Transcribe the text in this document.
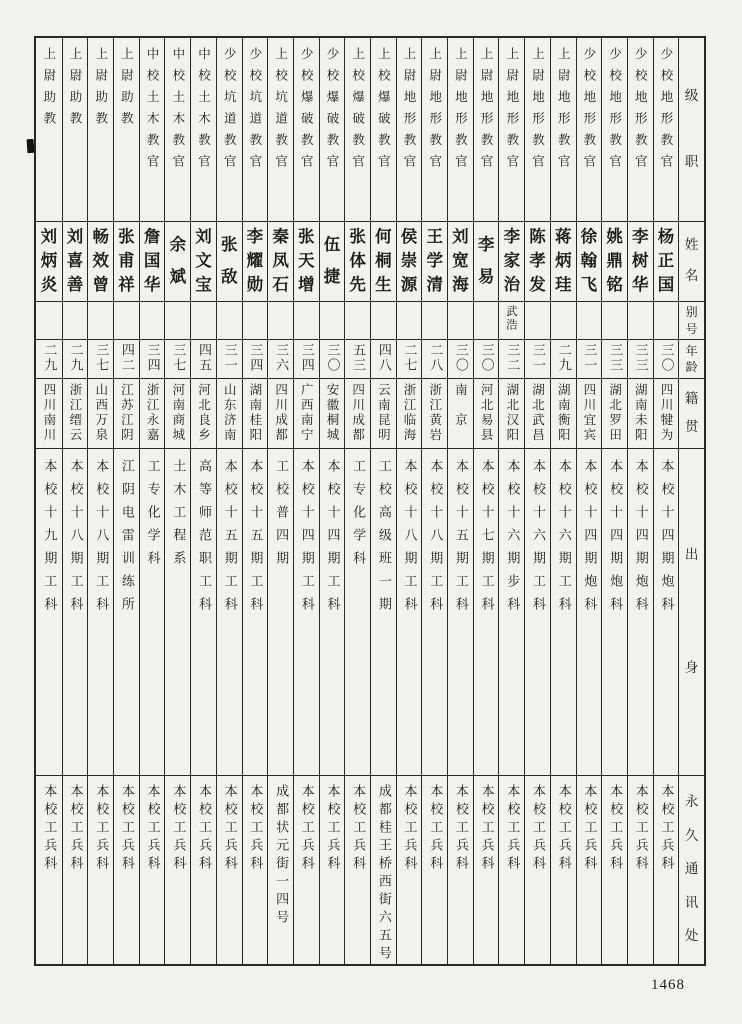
级
职
姓
名
别
号
年
龄
籍
贯
出
身
永
久
通
讯
处
少校地形教官
杨
正
国
三〇
四川犍为
本校十四期炮科
本校工兵科
少校地形教官
李
树
华
三三
湖南未阳
本校十四期炮科
本校工兵科
少校地形教官
姚
鼎
铭
三三
湖北罗田
本校十四期炮科
本校工兵科
少校地形教官
徐
翰
飞
三一
四川宜宾
本校十四期炮科
本校工兵科
上尉地形教官
蒋
炳
珪
二九
湖南衡阳
本校十六期工科
本校工兵科
上尉地形教官
陈
孝
发
三一
湖北武昌
本校十六期工科
本校工兵科
上尉地形教官
李
家
治
武浩
三二
湖北汉阳
本校十六期步科
本校工兵科
上尉地形教官
李
易
三〇
河北易县
本校十七期工科
本校工兵科
上尉地形教官
刘
宽
海
三〇
南　京
本校十五期工科
本校工兵科
上尉地形教官
王
学
清
二八
浙江黄岩
本校十八期工科
本校工兵科
上尉地形教官
侯
崇
源
二七
浙江临海
本校十八期工科
本校工兵科
上校爆破教官
何
桐
生
四八
云南昆明
工校高级班一期
成都桂王桥西街六五号
上校爆破教官
张
体
先
五三
四川成都
工专化学科
本校工兵科
少校爆破教官
伍
捷
三〇
安徽桐城
本校十四期工科
本校工兵科
少校爆破教官
张
天
增
三四
广西南宁
本校十四期工科
本校工兵科
上校坑道教官
秦
凤
石
三六
四川成都
工校普四期
成都状元街一四号
少校坑道教官
李
耀
勋
三四
湖南桂阳
本校十五期工科
本校工兵科
少校坑道教官
张
敌
三一
山东济南
本校十五期工科
本校工兵科
中校土木教官
刘
文
宝
四五
河北良乡
高等师范职工科
本校工兵科
中校土木教官
余
斌
三七
河南商城
土木工程系
本校工兵科
中校土木教官
詹
国
华
三四
浙江永嘉
工专化学科
本校工兵科
上尉助教
张
甫
祥
四二
江苏江阴
江阴电雷训练所
本校工兵科
上尉助教
畅
效
曾
三七
山西万泉
本校十八期工科
本校工兵科
上尉助教
刘
喜
善
二九
浙江缙云
本校十八期工科
本校工兵科
上尉助教
刘
炳
炎
二九
四川南川
本校十九期工科
本校工兵科
1468
